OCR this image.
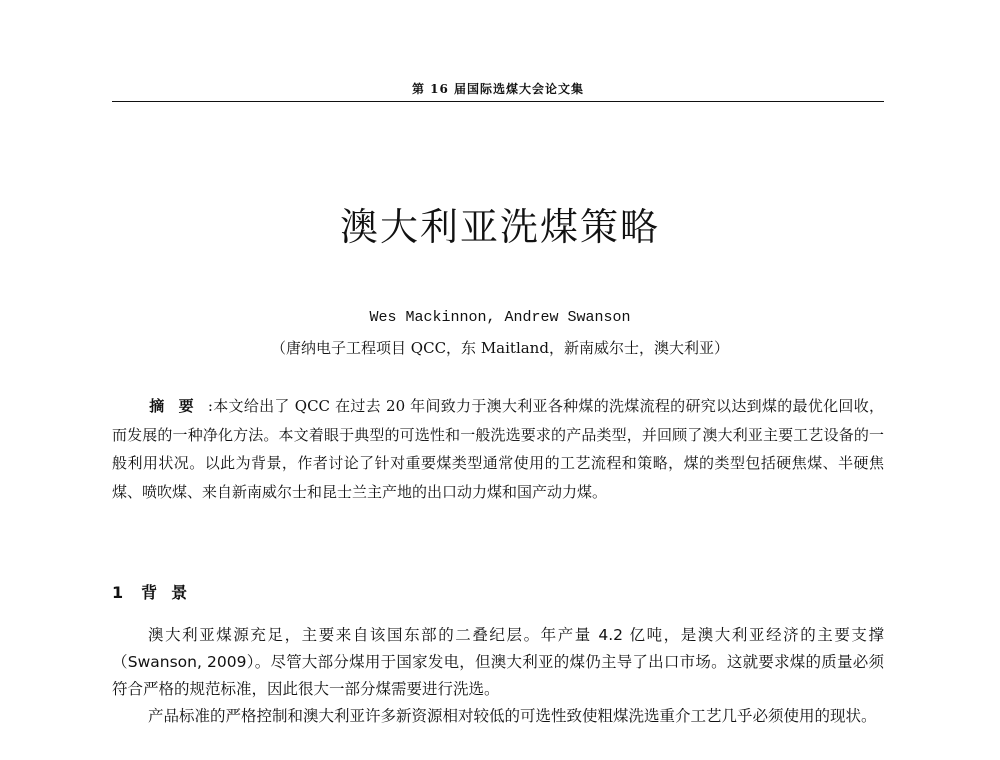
第 16 届国际选煤大会论文集
澳大利亚洗煤策略
Wes Mackinnon, Andrew Swanson
（唐纳电子工程项目 QCC，东 Maitland，新南威尔士，澳大利亚）

摘要:本文给出了 QCC 在过去 20 年间致力于澳大利亚各种煤的洗煤流程的研究以达到煤的最优化回收，而发展的一种净化方法。本文着眼于典型的可选性和一般洗选要求的产品类型，并回顾了澳大利亚主要工艺设备的一般利用状况。以此为背景，作者讨论了针对重要煤类型通常使用的工艺流程和策略，煤的类型包括硬焦煤、半硬焦煤、喷吹煤、来自新南威尔士和昆士兰主产地的出口动力煤和国产动力煤。

1 背景

澳大利亚煤源充足，主要来自该国东部的二叠纪层。年产量 4.2 亿吨，是澳大利亚经济的主要支撑（Swanson, 2009）。尽管大部分煤用于国家发电，但澳大利亚的煤仍主导了出口市场。这就要求煤的质量必须符合严格的规范标准，因此很大一部分煤需要进行洗选。

产品标准的严格控制和澳大利亚许多新资源相对较低的可选性致使粗煤洗选重介工艺几乎必须使用的现状。
